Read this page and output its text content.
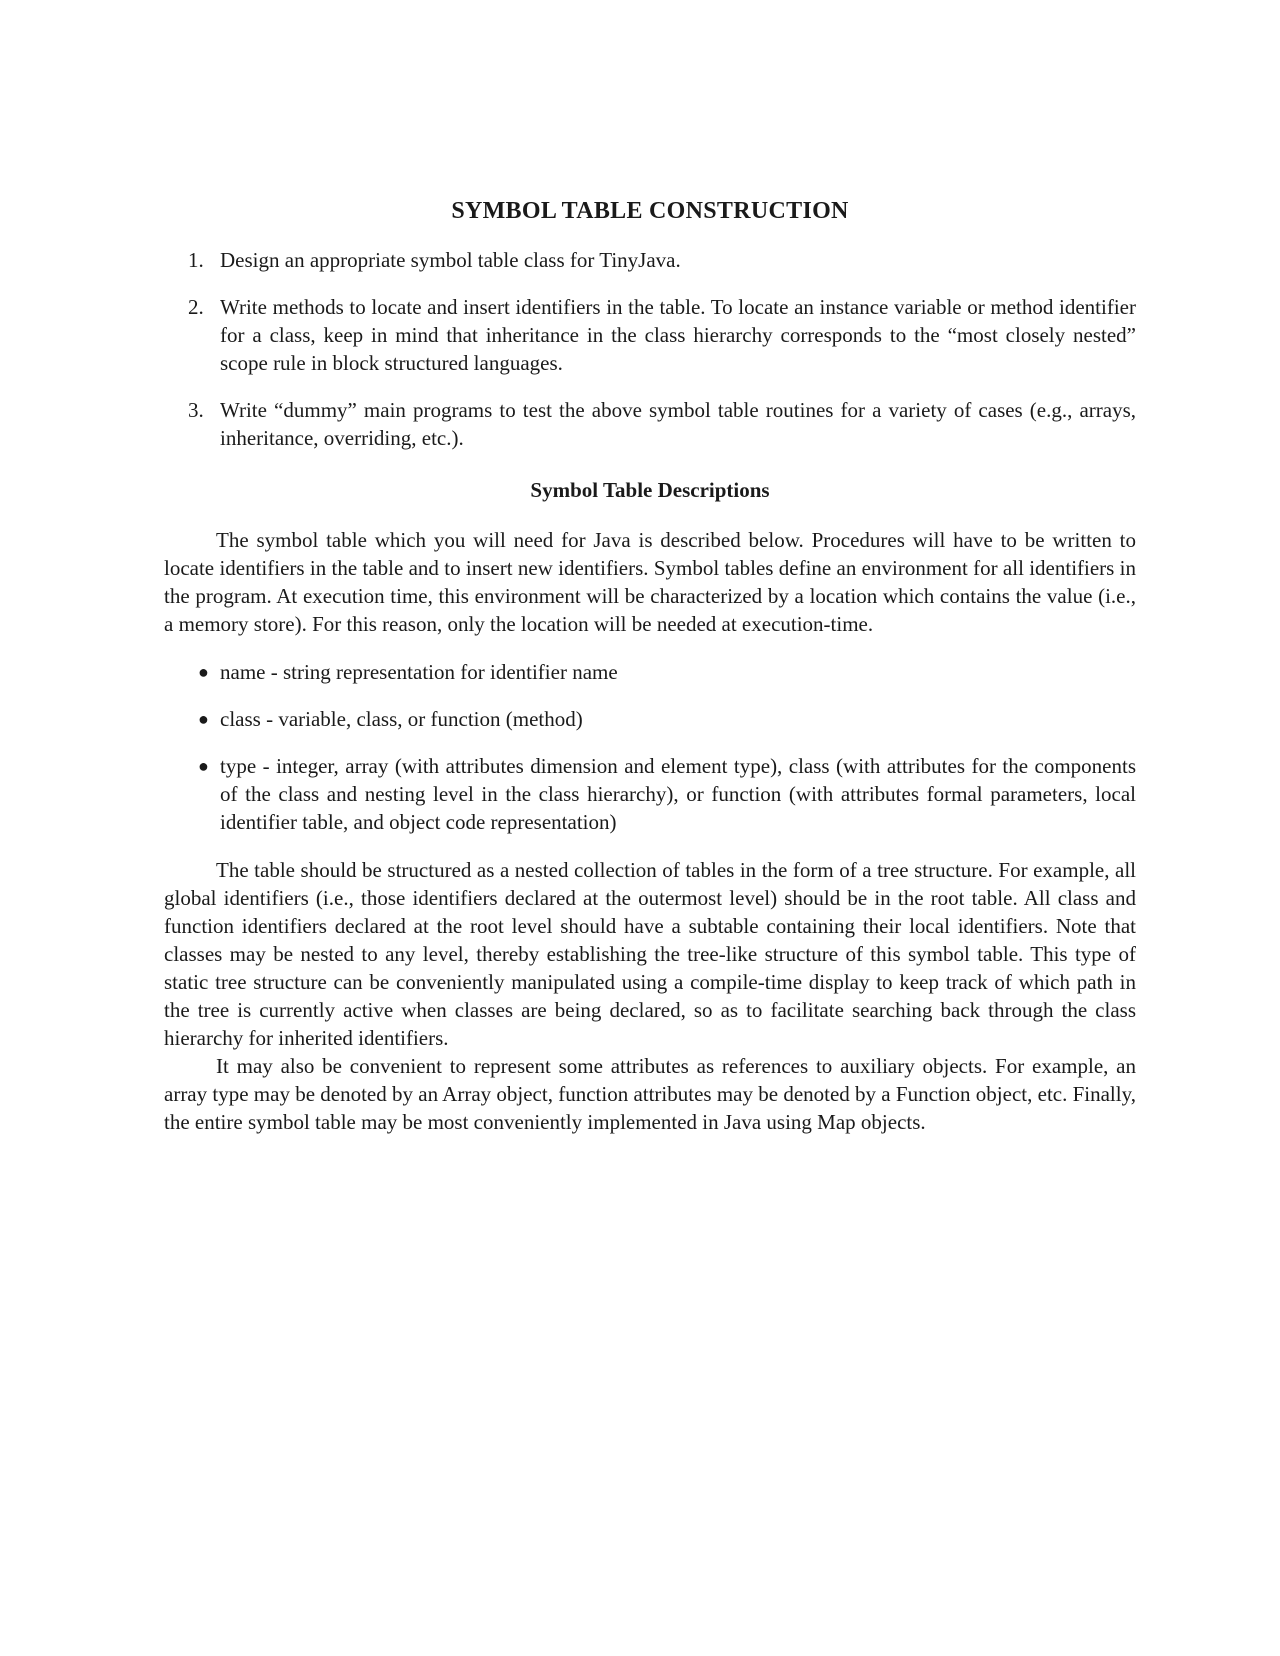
SYMBOL TABLE CONSTRUCTION
1. Design an appropriate symbol table class for TinyJava.
2. Write methods to locate and insert identifiers in the table. To locate an instance variable or method identifier for a class, keep in mind that inheritance in the class hierarchy corresponds to the “most closely nested” scope rule in block structured languages.
3. Write “dummy” main programs to test the above symbol table routines for a variety of cases (e.g., arrays, inheritance, overriding, etc.).
Symbol Table Descriptions

The symbol table which you will need for Java is described below. Procedures will have to be written to locate identifiers in the table and to insert new identifiers. Symbol tables define an environment for all identifiers in the program. At execution time, this environment will be characterized by a location which contains the value (i.e., a memory store). For this reason, only the location will be needed at execution-time.

● name - string representation for identifier name
● class - variable, class, or function (method)
● type - integer, array (with attributes dimension and element type), class (with attributes for the components of the class and nesting level in the class hierarchy), or function (with attributes formal parameters, local identifier table, and object code representation)

The table should be structured as a nested collection of tables in the form of a tree structure. For example, all global identifiers (i.e., those identifiers declared at the outermost level) should be in the root table. All class and function identifiers declared at the root level should have a subtable containing their local identifiers. Note that classes may be nested to any level, thereby establishing the tree-like structure of this symbol table. This type of static tree structure can be conveniently manipulated using a compile-time display to keep track of which path in the tree is currently active when classes are being declared, so as to facilitate searching back through the class hierarchy for inherited identifiers.

It may also be convenient to represent some attributes as references to auxiliary objects. For example, an array type may be denoted by an Array object, function attributes may be denoted by a Function object, etc. Finally, the entire symbol table may be most conveniently implemented in Java using Map objects.
